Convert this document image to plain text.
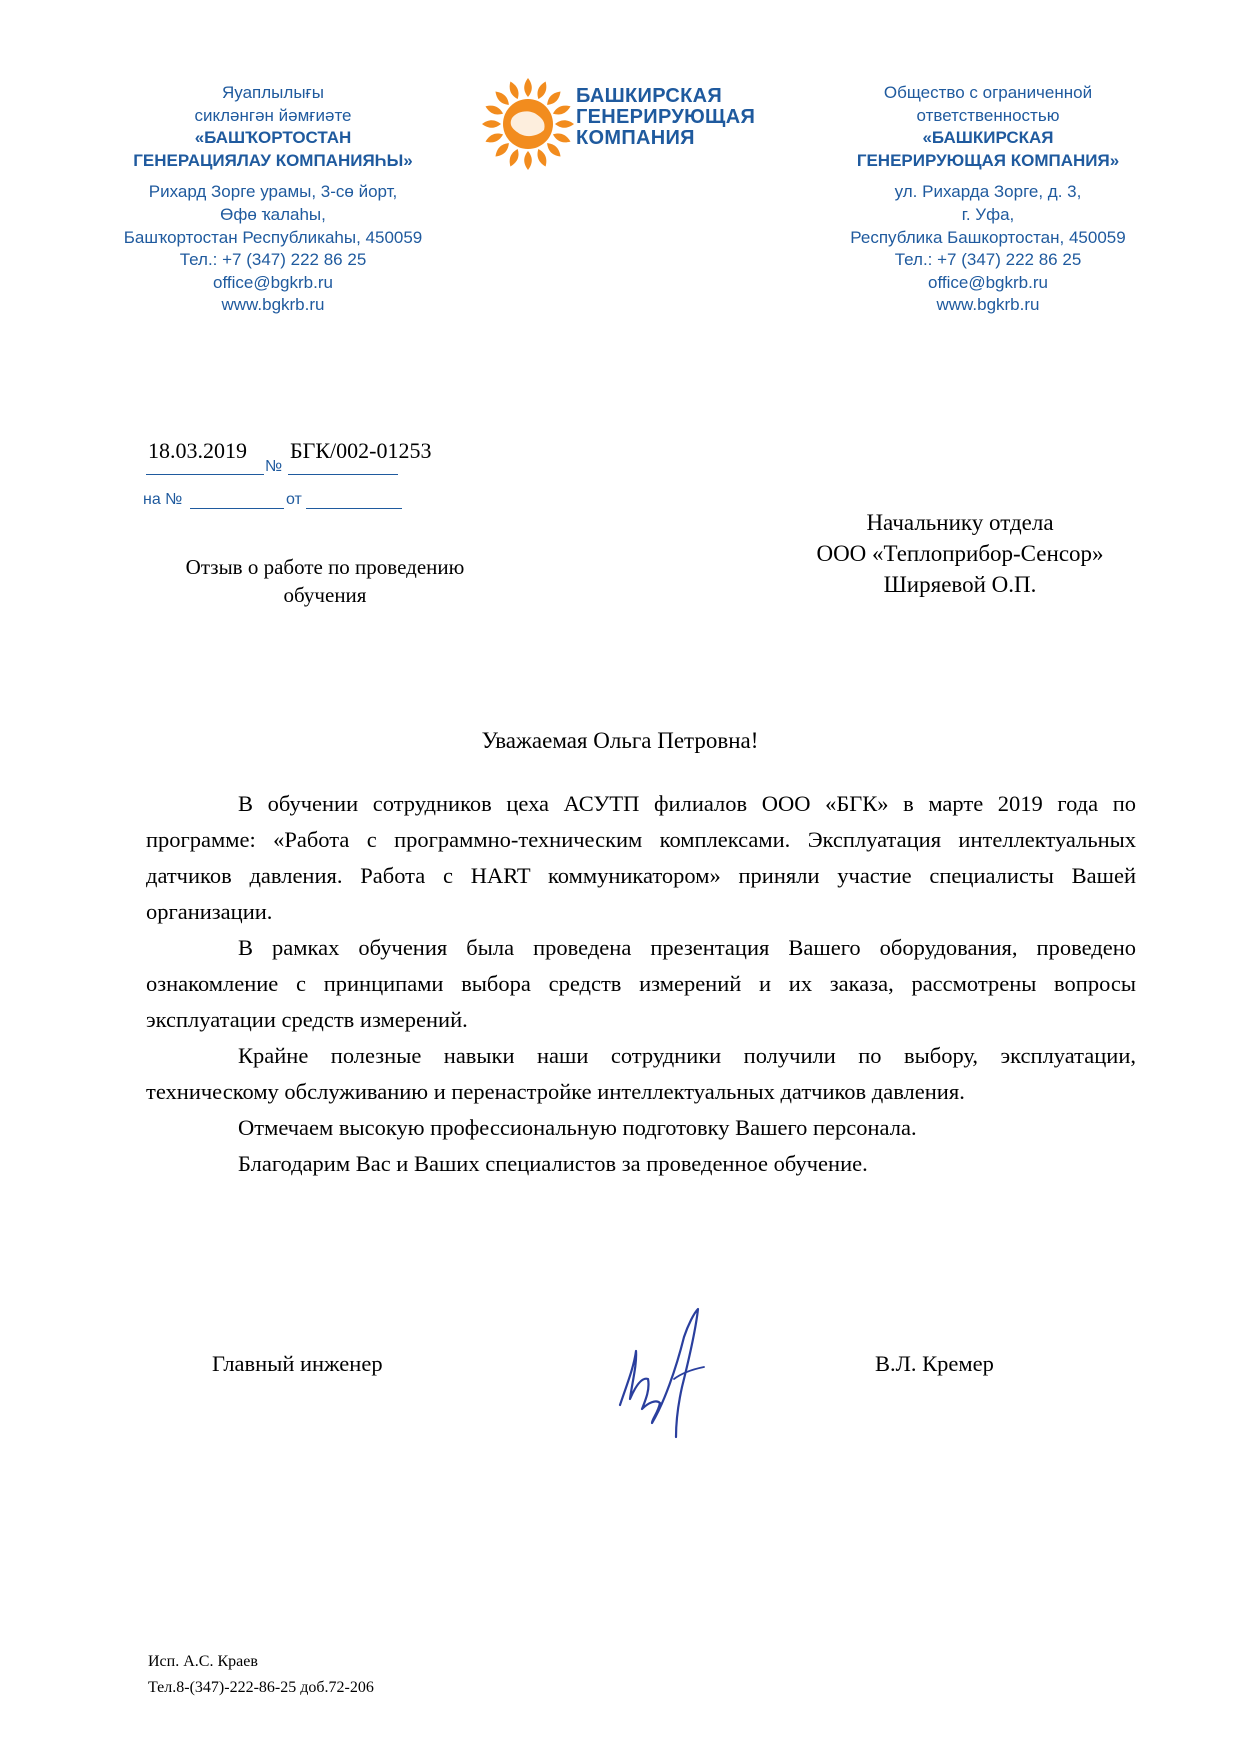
Яуаплылығы
сикләнгән йәмғиәте
«БАШҠОРТОСТАН
ГЕНЕРАЦИЯЛАУ КОМПАНИЯҺЫ»
Рихард Зорге урамы, 3-сө йорт,
Өфө ҡалаһы,
Башҡортостан Республикаһы, 450059
Тел.: +7 (347) 222 86 25
office@bgkrb.ru
www.bgkrb.ru
БАШКИРСКАЯ
ГЕНЕРИРУЮЩАЯ
КОМПАНИЯ
Общество с ограниченной
ответственностью
«БАШКИРСКАЯ
ГЕНЕРИРУЮЩАЯ КОМПАНИЯ»
ул. Рихарда Зорге, д. 3,
г. Уфа,
Республика Башкортостан, 450059
Тел.: +7 (347) 222 86 25
office@bgkrb.ru
www.bgkrb.ru
18.03.2019
№
БГК/002-01253
на №	от
Начальнику отдела
ООО «Теплоприбор-Сенсор»
Ширяевой О.П.
Отзыв о работе по проведению
обучения
Уважаемая Ольга Петровна!

В обучении сотрудников цеха АСУТП филиалов ООО «БГК» в марте 2019 года по программе: «Работа с программно-техническим комплексами. Эксплуатация интеллектуальных датчиков давления. Работа с HART коммуникатором» приняли участие специалисты Вашей организации.

В рамках обучения была проведена презентация Вашего оборудования, проведено ознакомление с принципами выбора средств измерений и их заказа, рассмотрены вопросы эксплуатации средств измерений.

Крайне полезные навыки наши сотрудники получили по выбору, эксплуатации, техническому обслуживанию и перенастройке интеллектуальных датчиков давления.

Отмечаем высокую профессиональную подготовку Вашего персонала.

Благодарим Вас и Ваших специалистов за проведенное обучение.

Главный инженер	В.Л. Кремер
Исп. А.С. Краев
Тел.8-(347)-222-86-25 доб.72-206
